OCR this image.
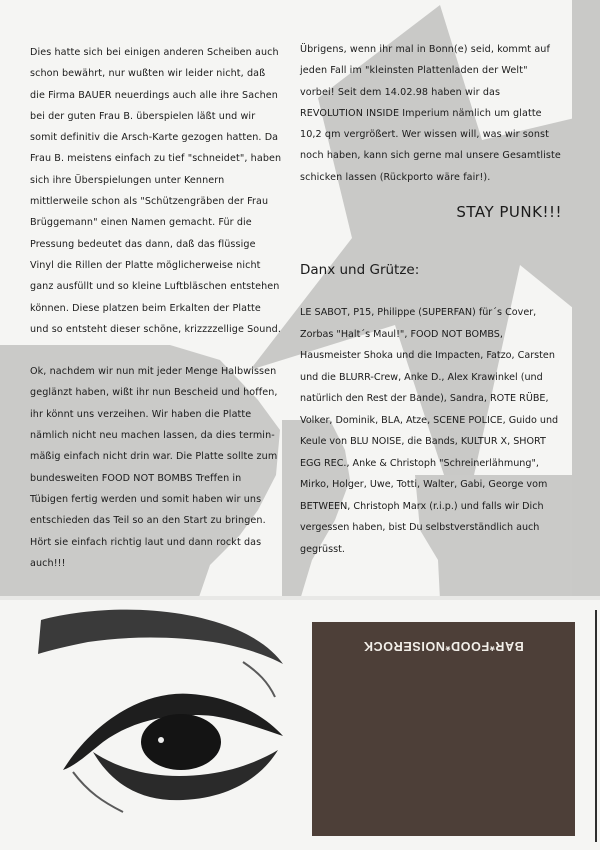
Dies hatte sich bei einigen anderen Scheiben auch schon bewährt, nur wußten wir leider nicht, daß die Firma BAUER neuerdings auch alle ihre Sachen bei der guten Frau B. überspielen läßt und wir somit definitiv die Arsch-Karte gezogen hatten. Da Frau B. meistens einfach zu tief "schneidet", haben sich ihre Überspielungen unter Kennern mittlerweile schon als "Schützengräben der Frau Brüggemann" einen Namen gemacht. Für die Pressung bedeutet das dann, daß das flüssige Vinyl die Rillen der Platte möglicherweise nicht ganz ausfüllt und so kleine Luftbläschen entstehen können. Diese platzen beim Erkalten der Platte und so entsteht dieser schöne, krizzzzellige Sound.

Ok, nachdem wir nun mit jeder Menge Halbwissen geglänzt haben, wißt ihr nun Bescheid und hoffen, ihr könnt uns verzeihen. Wir haben die Platte nämlich nicht neu machen lassen, da dies termin-mäßig einfach nicht drin war. Die Platte sollte zum bundesweiten FOOD NOT BOMBS Treffen in Tübigen fertig werden und somit haben wir uns entschieden das Teil so an den Start zu bringen. Hört sie einfach richtig laut und dann rockt das auch!!!

Übrigens, wenn ihr mal in Bonn(e) seid, kommt auf jeden Fall im "kleinsten Plattenladen der Welt" vorbei! Seit dem 14.02.98 haben wir das REVOLUTION INSIDE Imperium nämlich um glatte 10,2 qm vergrößert. Wer wissen will, was wir sonst noch haben, kann sich gerne mal unsere Gesamtliste schicken lassen (Rückporto wäre fair!).

STAY PUNK!!!
Danx und Grütze:

LE SABOT, P15, Philippe (SUPERFAN) für´s Cover, Zorbas "Halt´s Maul!", FOOD NOT BOMBS, Hausmeister Shoka und die Impacten, Fatzo, Carsten und die BLURR-Crew, Anke D., Alex Krawinkel (und natürlich den Rest der Bande), Sandra, ROTE RÜBE, Volker, Dominik, BLA, Atze, SCENE POLICE, Guido und Keule von BLU NOISE, die Bands, KULTUR X, SHORT EGG REC., Anke & Christoph "Schreinerlähmung", Mirko, Holger, Uwe, Totti, Walter, Gabi, George vom BETWEEN, Christoph Marx (r.i.p.) und falls wir Dich vergessen haben, bist Du selbstverständlich auch gegrüsst.

BAR*FOOD*NOISEROCK
